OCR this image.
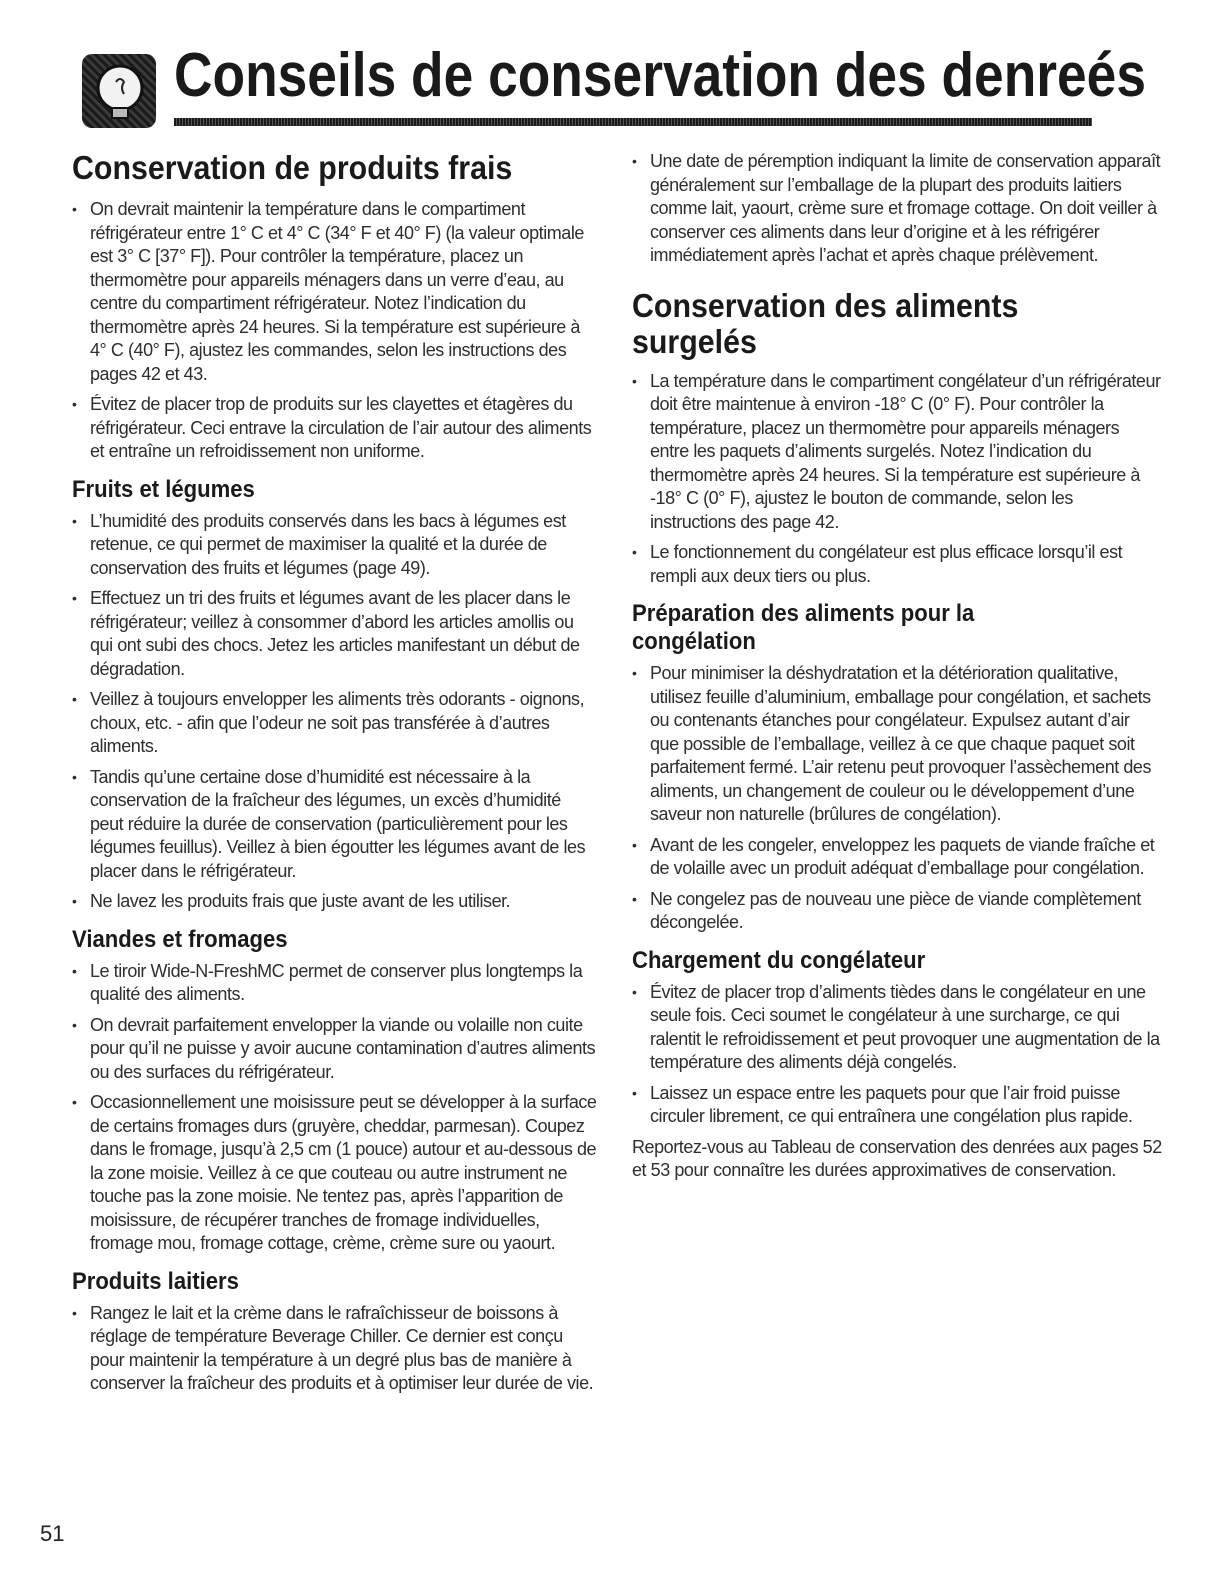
Conseils de conservation des denreés
Conservation de produits frais
• On devrait maintenir la température dans le compartiment réfrigérateur entre 1° C et 4° C (34° F et 40° F) (la valeur optimale est 3° C [37° F]). Pour contrôler la température, placez un thermomètre pour appareils ménagers dans un verre d’eau, au centre du compartiment réfrigérateur. Notez l’indication du thermomètre après 24 heures. Si la température est supérieure à 4° C (40° F), ajustez les commandes, selon les instructions des pages 42 et 43.
• Évitez de placer trop de produits sur les clayettes et étagères du réfrigérateur. Ceci entrave la circulation de l’air autour des aliments et entraîne un refroidissement non uniforme.
Fruits et légumes
• L’humidité des produits conservés dans les bacs à légumes est retenue, ce qui permet de maximiser la qualité et la durée de conservation des fruits et légumes (page 49).
• Effectuez un tri des fruits et légumes avant de les placer dans le réfrigérateur; veillez à consommer d’abord les articles amollis ou qui ont subi des chocs. Jetez les articles manifestant un début de dégradation.
• Veillez à toujours envelopper les aliments très odorants - oignons, choux, etc. - afin que l’odeur ne soit pas transférée à d’autres aliments.
• Tandis qu’une certaine dose d’humidité est nécessaire à la conservation de la fraîcheur des légumes, un excès d’humidité peut réduire la durée de conservation (particulièrement pour les légumes feuillus). Veillez à bien égoutter les légumes avant de les placer dans le réfrigérateur.
• Ne lavez les produits frais que juste avant de les utiliser.
Viandes et fromages
• Le tiroir Wide-N-FreshMC permet de conserver plus longtemps la qualité des aliments.
• On devrait parfaitement envelopper la viande ou volaille non cuite pour qu’il ne puisse y avoir aucune contamination d’autres aliments ou des surfaces du réfrigérateur.
• Occasionnellement une moisissure peut se développer à la surface de certains fromages durs (gruyère, cheddar, parmesan). Coupez dans le fromage, jusqu’à 2,5 cm (1 pouce) autour et au-dessous de la zone moisie. Veillez à ce que couteau ou autre instrument ne touche pas la zone moisie. Ne tentez pas, après l’apparition de moisissure, de récupérer tranches de fromage individuelles, fromage mou, fromage cottage, crème, crème sure ou yaourt.
Produits laitiers
• Rangez le lait et la crème dans le rafraîchisseur de boissons à réglage de température Beverage Chiller. Ce dernier est conçu pour maintenir la température à un degré plus bas de manière à conserver la fraîcheur des produits et à optimiser leur durée de vie.
• Une date de péremption indiquant la limite de conservation apparaît généralement sur l’emballage de la plupart des produits laitiers comme lait, yaourt, crème sure et fromage cottage. On doit veiller à conserver ces aliments dans leur d’origine et à les réfrigérer immédiatement après l’achat et après chaque prélèvement.
Conservation des aliments surgelés
• La température dans le compartiment congélateur d’un réfrigérateur doit être maintenue à environ -18° C (0° F). Pour contrôler la température, placez un thermomètre pour appareils ménagers entre les paquets d’aliments surgelés. Notez l’indication du thermomètre après 24 heures. Si la température est supérieure à -18° C (0° F), ajustez le bouton de commande, selon les instructions des page 42.
• Le fonctionnement du congélateur est plus efficace lorsqu’il est rempli aux deux tiers ou plus.
Préparation des aliments pour la congélation
• Pour minimiser la déshydratation et la détérioration qualitative, utilisez feuille d’aluminium, emballage pour congélation, et sachets ou contenants étanches pour congélateur. Expulsez autant d’air que possible de l’emballage, veillez à ce que chaque paquet soit parfaitement fermé. L’air retenu peut provoquer l’assèchement des aliments, un changement de couleur ou le développement d’une saveur non naturelle (brûlures de congélation).
• Avant de les congeler, enveloppez les paquets de viande fraîche et de volaille avec un produit adéquat d’emballage pour congélation.
• Ne congelez pas de nouveau une pièce de viande complètement décongelée.
Chargement du congélateur
• Évitez de placer trop d’aliments tièdes dans le congélateur en une seule fois. Ceci soumet le congélateur à une surcharge, ce qui ralentit le refroidissement et peut provoquer une augmentation de la température des aliments déjà congelés.
• Laissez un espace entre les paquets pour que l’air froid puisse circuler librement, ce qui entraînera une congélation plus rapide.

Reportez-vous au Tableau de conservation des denrées aux pages 52 et 53 pour connaître les durées approximatives de conservation.

51
